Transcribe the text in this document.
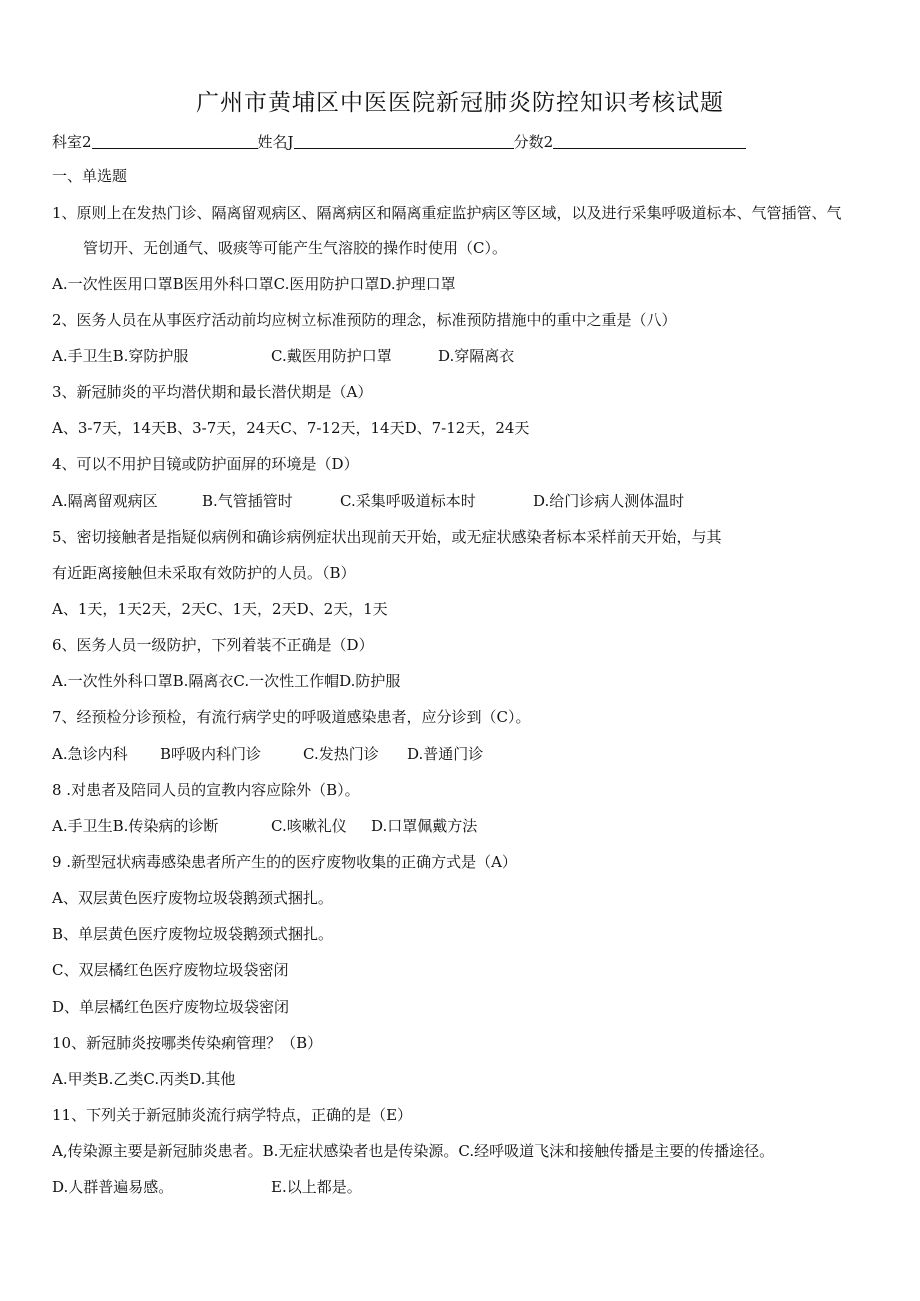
广州市黄埔区中医医院新冠肺炎防控知识考核试题
科室2	姓名J	分数2
一、单选题
1、原则上在发热门诊、隔离留观病区、隔离病区和隔离重症监护病区等区域，以及进行采集呼吸道标本、气管插管、气
管切开、无创通气、吸痰等可能产生气溶胶的操作时使用（C）。
A.一次性医用口罩B医用外科口罩C.医用防护口罩D.护理口罩
2、医务人员在从事医疗活动前均应树立标准预防的理念，标准预防措施中的重中之重是（八）
A.手卫生B.穿防护服	C.戴医用防护口罩	D.穿隔离衣
3、新冠肺炎的平均潜伏期和最长潜伏期是（A）
A、3-7天，14天B、3-7天，24天C、7-12天，14天D、7-12天，24天
4、可以不用护目镜或防护面屏的环境是（D）
A.隔离留观病区	B.气管插管时	C.采集呼吸道标本时	D.给门诊病人测体温时
5、密切接触者是指疑似病例和确诊病例症状出现前天开始，或无症状感染者标本采样前天开始，与其
有近距离接触但未采取有效防护的人员。（B）
A、1天，1天2天，2天C、1天，2天D、2天，1天
6、医务人员一级防护，下列着装不正确是（D）
A.一次性外科口罩B.隔离衣C.一次性工作帽D.防护服
7、经预检分诊预检，有流行病学史的呼吸道感染患者，应分诊到（C）。
A.急诊内科 B呼吸内科门诊	C.发热门诊 D.普通门诊
8 .对患者及陪同人员的宣教内容应除外（B）。
A.手卫生B.传染病的诊断	C.咳嗽礼仪 D.口罩佩戴方法
9 .新型冠状病毒感染患者所产生的的医疗废物收集的正确方式是（A）
A、双层黄色医疗废物垃圾袋鹅颈式捆扎。
B、单层黄色医疗废物垃圾袋鹅颈式捆扎。
C、双层橘红色医疗废物垃圾袋密闭
D、单层橘红色医疗废物垃圾袋密闭
10、新冠肺炎按哪类传染痢管理？（B）
A.甲类B.乙类C.丙类D.其他
11、下列关于新冠肺炎流行病学特点，正确的是（E）
A,传染源主要是新冠肺炎患者。B.无症状感染者也是传染源。C.经呼吸道飞沫和接触传播是主要的传播途径。
D.人群普遍易感。	E.以上都是。
